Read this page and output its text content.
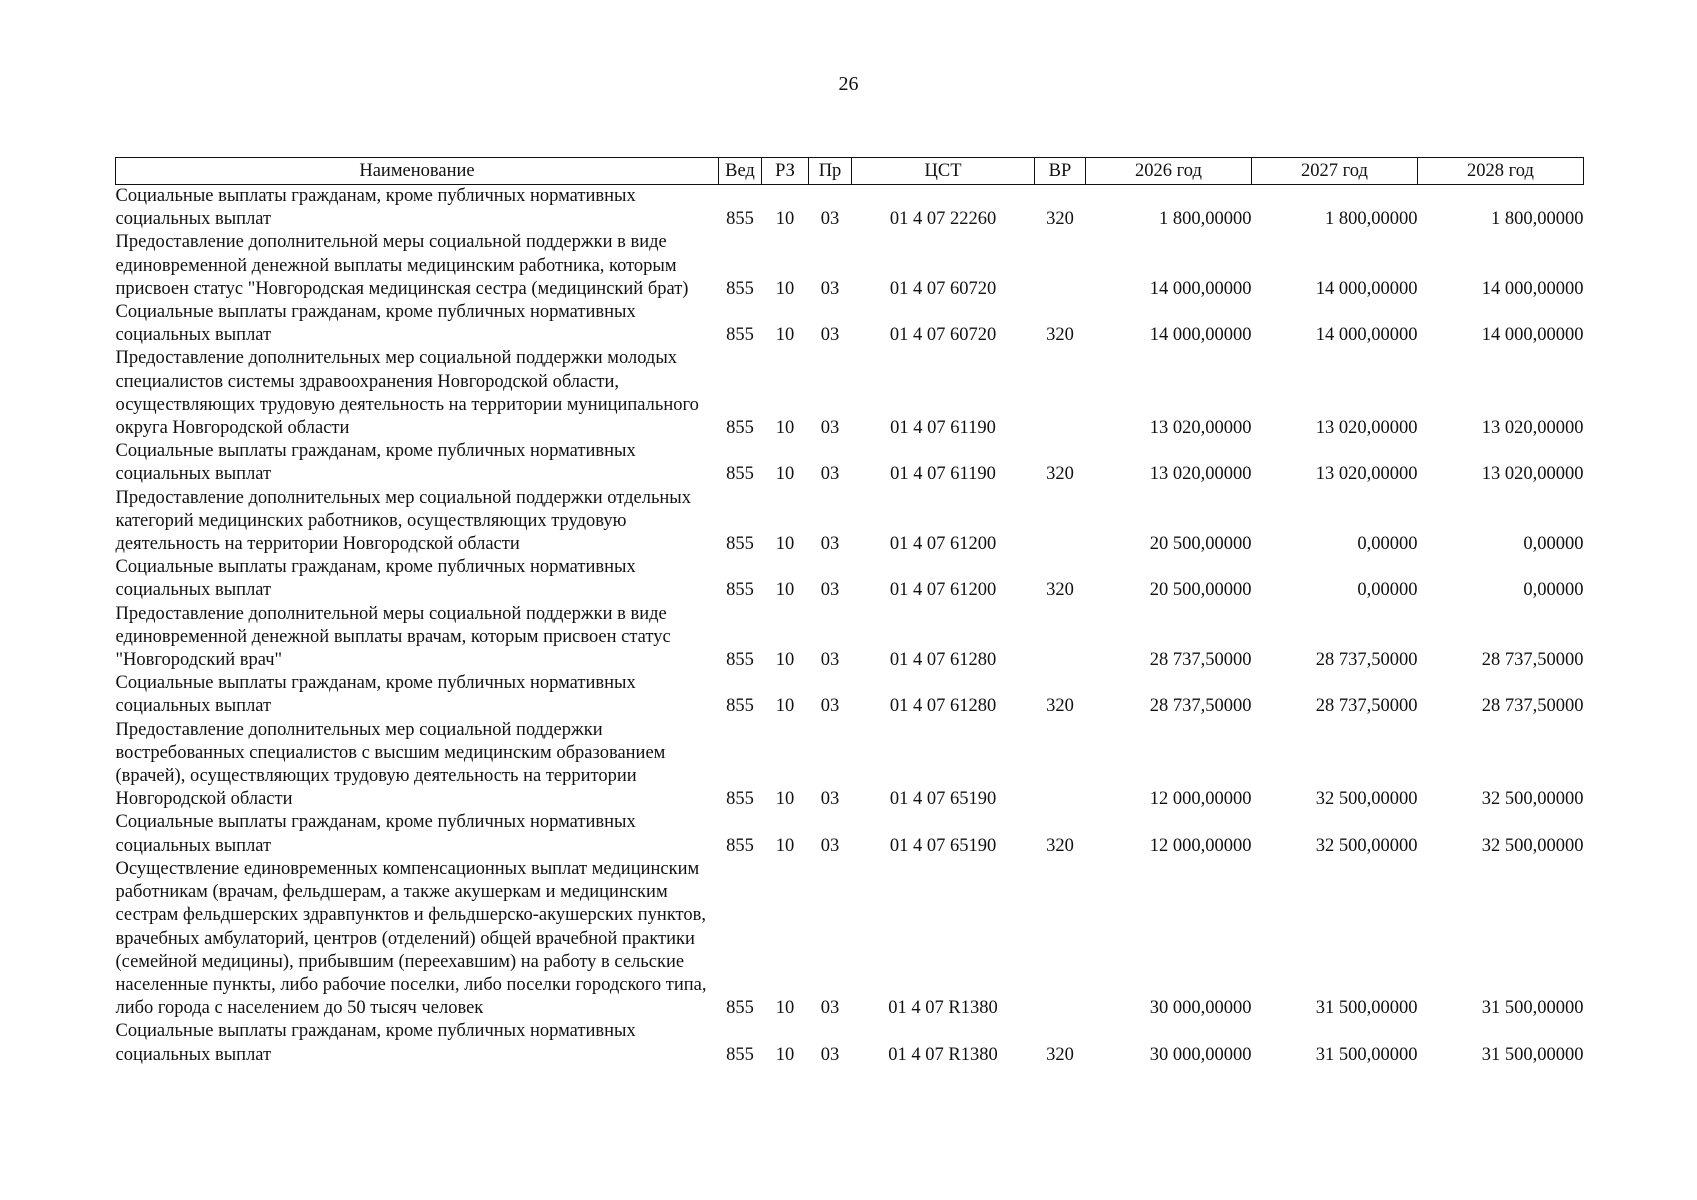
26
Наименование	Вед	РЗ	Пр	ЦСТ	ВР	2026 год	2027 год	2028 год
Социальные выплаты гражданам, кроме публичных нормативных социальных выплат	855	10	03	01 4 07 22260	320	1 800,00000	1 800,00000	1 800,00000
Предоставление дополнительной меры социальной поддержки в виде единовременной денежной выплаты медицинским работника, которым присвоен статус "Новгородская медицинская сестра (медицинский брат)	855	10	03	01 4 07 60720		14 000,00000	14 000,00000	14 000,00000
Социальные выплаты гражданам, кроме публичных нормативных социальных выплат	855	10	03	01 4 07 60720	320	14 000,00000	14 000,00000	14 000,00000
Предоставление дополнительных мер социальной поддержки молодых специалистов системы здравоохранения Новгородской области, осуществляющих трудовую деятельность на территории муниципального округа Новгородской области	855	10	03	01 4 07 61190		13 020,00000	13 020,00000	13 020,00000
Социальные выплаты гражданам, кроме публичных нормативных социальных выплат	855	10	03	01 4 07 61190	320	13 020,00000	13 020,00000	13 020,00000
Предоставление дополнительных мер социальной поддержки отдельных категорий медицинских работников, осуществляющих трудовую деятельность на территории Новгородской области	855	10	03	01 4 07 61200		20 500,00000	0,00000	0,00000
Социальные выплаты гражданам, кроме публичных нормативных социальных выплат	855	10	03	01 4 07 61200	320	20 500,00000	0,00000	0,00000
Предоставление дополнительной меры социальной поддержки в виде единовременной денежной выплаты врачам, которым присвоен статус "Новгородский врач"	855	10	03	01 4 07 61280		28 737,50000	28 737,50000	28 737,50000
Социальные выплаты гражданам, кроме публичных нормативных социальных выплат	855	10	03	01 4 07 61280	320	28 737,50000	28 737,50000	28 737,50000
Предоставление дополнительных мер социальной поддержки востребованных специалистов с высшим медицинским образованием (врачей), осуществляющих трудовую деятельность на территории Новгородской области	855	10	03	01 4 07 65190		12 000,00000	32 500,00000	32 500,00000
Социальные выплаты гражданам, кроме публичных нормативных социальных выплат	855	10	03	01 4 07 65190	320	12 000,00000	32 500,00000	32 500,00000
Осуществление единовременных компенсационных выплат медицинским работникам (врачам, фельдшерам, а также акушеркам и медицинским сестрам фельдшерских здравпунктов и фельдшерско-акушерских пунктов, врачебных амбулаторий, центров (отделений) общей врачебной практики (семейной медицины), прибывшим (переехавшим) на работу в сельские населенные пункты, либо рабочие поселки, либо поселки городского типа, либо города с населением до 50 тысяч человек	855	10	03	01 4 07 R1380		30 000,00000	31 500,00000	31 500,00000
Социальные выплаты гражданам, кроме публичных нормативных социальных выплат	855	10	03	01 4 07 R1380	320	30 000,00000	31 500,00000	31 500,00000
